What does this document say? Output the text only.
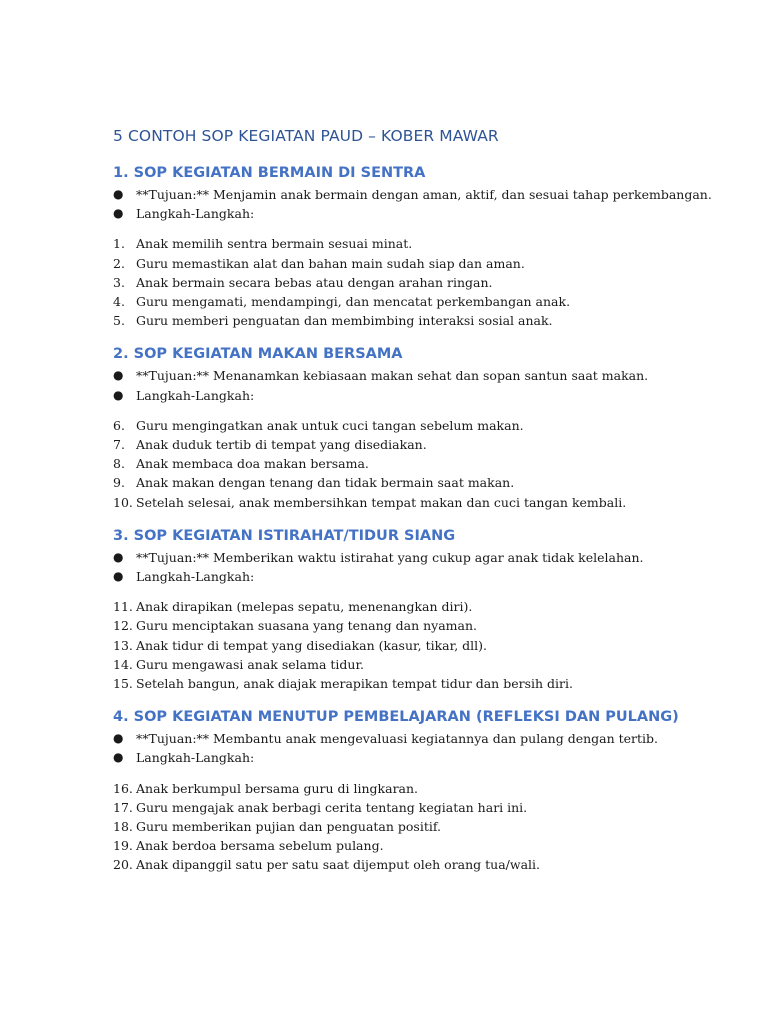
5 CONTOH SOP KEGIATAN PAUD – KOBER MAWAR
1. SOP KEGIATAN BERMAIN DI SENTRA
● **Tujuan:** Menjamin anak bermain dengan aman, aktif, dan sesuai tahap perkembangan.
● Langkah-Langkah:
1. Anak memilih sentra bermain sesuai minat.
2. Guru memastikan alat dan bahan main sudah siap dan aman.
3. Anak bermain secara bebas atau dengan arahan ringan.
4. Guru mengamati, mendampingi, dan mencatat perkembangan anak.
5. Guru memberi penguatan dan membimbing interaksi sosial anak.
2. SOP KEGIATAN MAKAN BERSAMA
● **Tujuan:** Menanamkan kebiasaan makan sehat dan sopan santun saat makan.
● Langkah-Langkah:
6. Guru mengingatkan anak untuk cuci tangan sebelum makan.
7. Anak duduk tertib di tempat yang disediakan.
8. Anak membaca doa makan bersama.
9. Anak makan dengan tenang dan tidak bermain saat makan.
10. Setelah selesai, anak membersihkan tempat makan dan cuci tangan kembali.
3. SOP KEGIATAN ISTIRAHAT/TIDUR SIANG
● **Tujuan:** Memberikan waktu istirahat yang cukup agar anak tidak kelelahan.
● Langkah-Langkah:
11. Anak dirapikan (melepas sepatu, menenangkan diri).
12. Guru menciptakan suasana yang tenang dan nyaman.
13. Anak tidur di tempat yang disediakan (kasur, tikar, dll).
14. Guru mengawasi anak selama tidur.
15. Setelah bangun, anak diajak merapikan tempat tidur dan bersih diri.
4. SOP KEGIATAN MENUTUP PEMBELAJARAN (REFLEKSI DAN PULANG)
● **Tujuan:** Membantu anak mengevaluasi kegiatannya dan pulang dengan tertib.
● Langkah-Langkah:
16. Anak berkumpul bersama guru di lingkaran.
17. Guru mengajak anak berbagi cerita tentang kegiatan hari ini.
18. Guru memberikan pujian dan penguatan positif.
19. Anak berdoa bersama sebelum pulang.
20. Anak dipanggil satu per satu saat dijemput oleh orang tua/wali.
